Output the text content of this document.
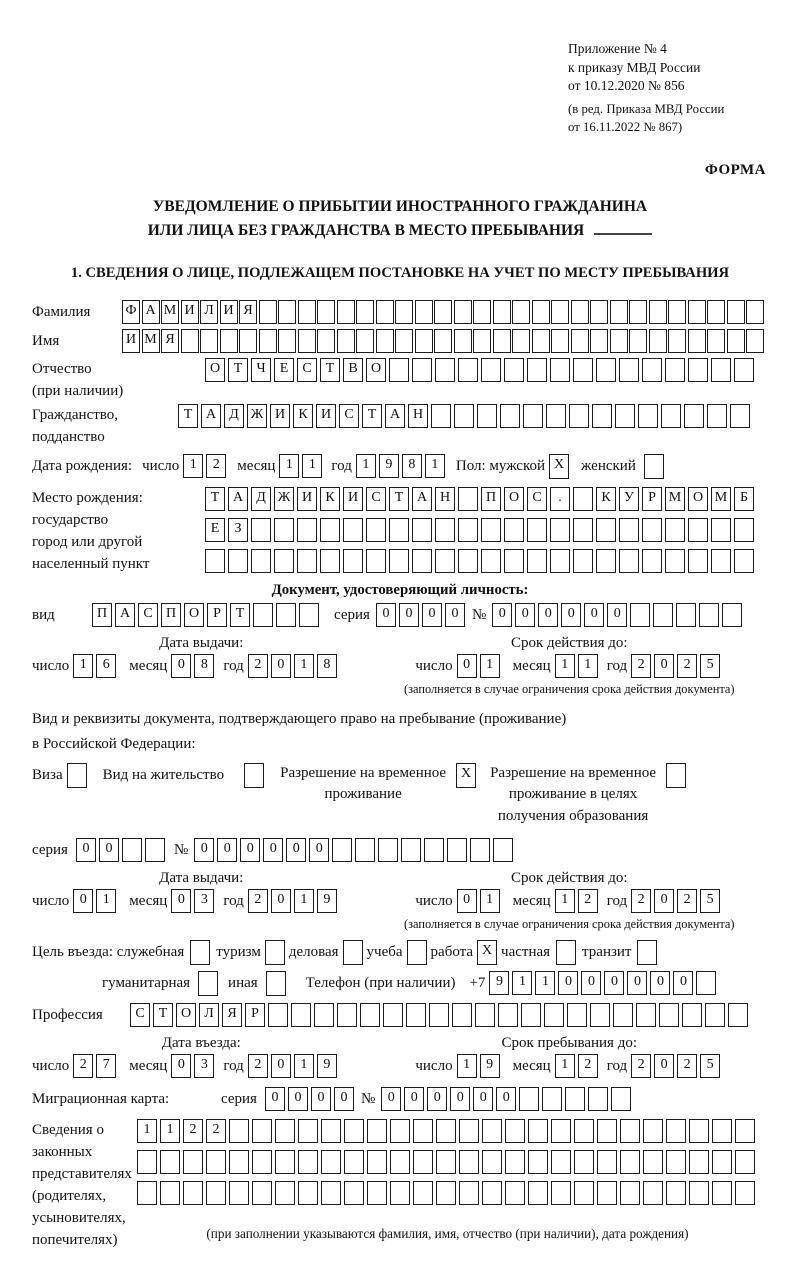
Приложение № 4
к приказу МВД России
от 10.12.2020 № 856
(в ред. Приказа МВД России
от 16.11.2022 № 867)
ФОРМА
УВЕДОМЛЕНИЕ О ПРИБЫТИИ ИНОСТРАННОГО ГРАЖДАНИНА
ИЛИ ЛИЦА БЕЗ ГРАЖДАНСТВА В МЕСТО ПРЕБЫВАНИЯ
1. СВЕДЕНИЯ О ЛИЦЕ, ПОДЛЕЖАЩЕМ ПОСТАНОВКЕ НА УЧЕТ ПО МЕСТУ ПРЕБЫВАНИЯ
Фамилия	Ф А М И Л И Я
Имя	И М Я
Отчество
(при наличии)
О Т	Ч	Е	С	Т	В О
Гражданство,
подданство
Т А Д Ж И К И С	Т А Н
Дата рождения: число 1	2	месяц 1	1	год 1	9	8	1	Пол: мужской X	женский
Место рождения:
государство
город или другой
населенный пункт
Т А Д Ж И К И С	Т А Н	П О С	.	К У	Р М О М Б
Е	З
Документ, удостоверяющий личность:
вид	П А С П О	Р	Т	серия 0	0	0	0 № 0	0	0	0	0	0
Дата выдачи:
число 1	6	месяц 0	8	год 2	0	1	8
Срок действия до:
число 0	1	месяц 1	1	год 2	0	2	5
(заполняется в случае ограничения срока действия документа)
Вид и реквизиты документа, подтверждающего право на пребывание (проживание)
в Российской Федерации:
Виза	Вид на жительство	Разрешение на временное
проживание
X	Разрешение на временное
проживание в целях
получения образования
серия	0	0	№ 0	0	0	0	0	0
Дата выдачи:
число 0	1	месяц 0	3	год 2	0	1	9
Срок действия до:
число 0	1	месяц 1	2	год 2	0	2	5
(заполняется в случае ограничения срока действия документа)
Цель въезда: служебная туризм деловая учеба работа X частная транзит
гуманитарная	иная	Телефон (при наличии) +7 9	1	1	0	0	0	0	0	0
Профессия	С	Т О Л Я	Р
Дата въезда:
число 2	7	месяц 0	3	год 2	0	1	9
Срок пребывания до:
число 1	9	месяц 1	2	год 2	0	2	5
Миграционная карта:	серия	0	0	0	0 № 0	0	0	0	0	0
Сведения о
законных
представителях
(родителях,
усыновителях,
попечителях)
1	1	2	2
(при заполнении указываются фамилия, имя, отчество (при наличии), дата рождения)
